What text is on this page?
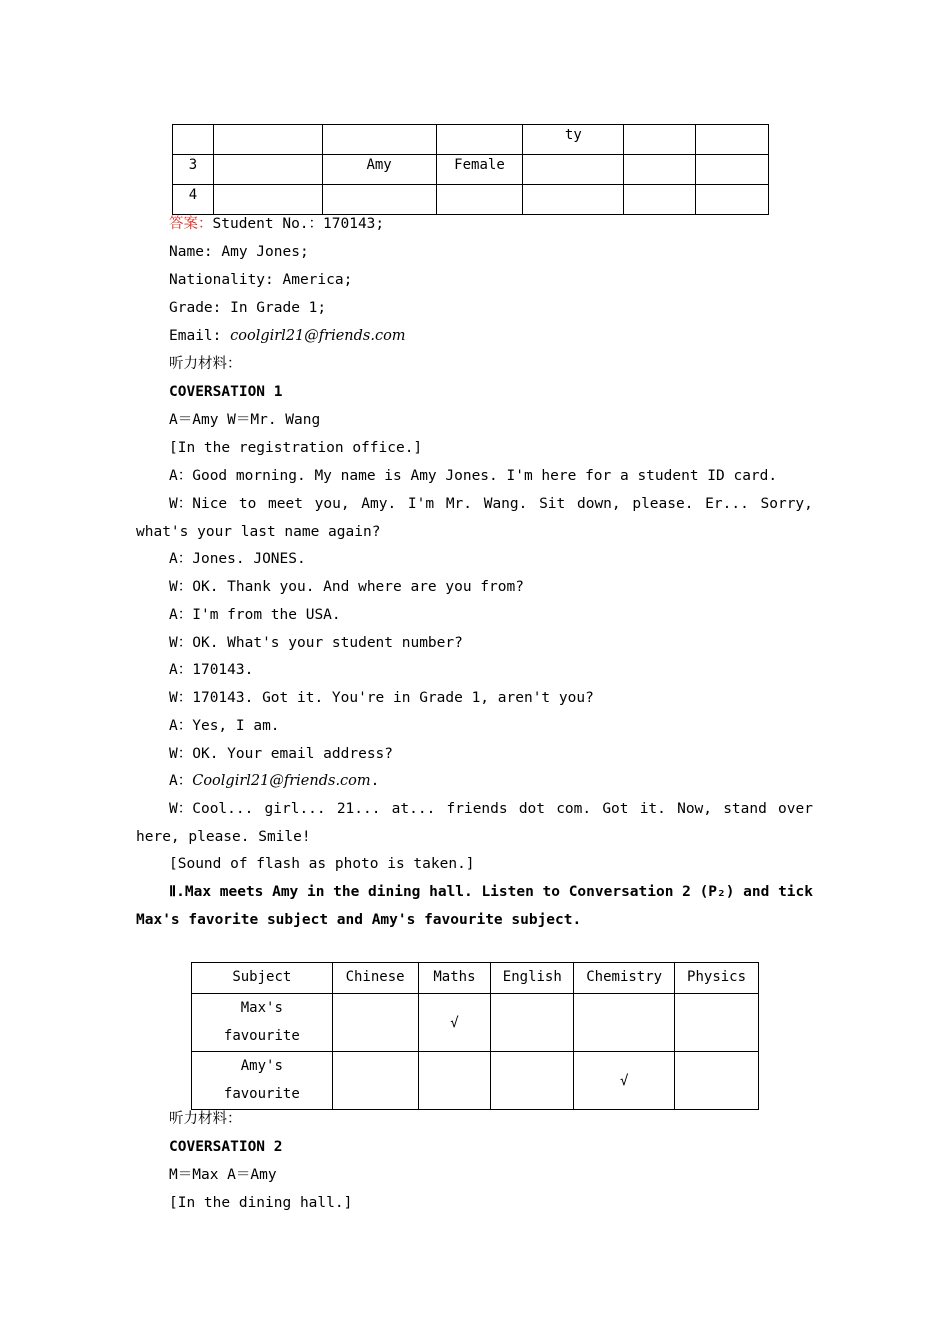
				ty		
3		Amy	Female			
4						
答案：Student No.：170143;
Name: Amy Jones;
Nationality: America;
Grade: In Grade 1;
Email: coolgirl21@friends.com
听力材料：
COVERSATION 1
A＝Amy W＝Mr. Wang
[In the registration office.]
A：Good morning. My name is Amy Jones. I'm here for a student ID card.
W：Nice to meet you, Amy. I'm Mr. Wang. Sit down, please. Er... Sorry,
what's your last name again?
A：Jones. JONES.
W：OK. Thank you. And where are you from?
A：I'm from the USA.
W：OK. What's your student number?
A：170143.
W：170143. Got it. You're in Grade 1, aren't you?
A：Yes, I am.
W：OK. Your email address?
A：Coolgirl21@friends.com.
W：Cool... girl... 21... at... friends dot com. Got it. Now, stand over
here, please. Smile!
[Sound of flash as photo is taken.]
Ⅱ.Max meets Amy in the dining hall. Listen to Conversation 2 (P₂) and tick
Max's favorite subject and Amy's favourite subject.
Subject	Chinese	Maths	English	Chemistry	Physics
Max's
favourite		√			
Amy's
favourite				√	
听力材料：
COVERSATION 2
M＝Max A＝Amy
[In the dining hall.]
